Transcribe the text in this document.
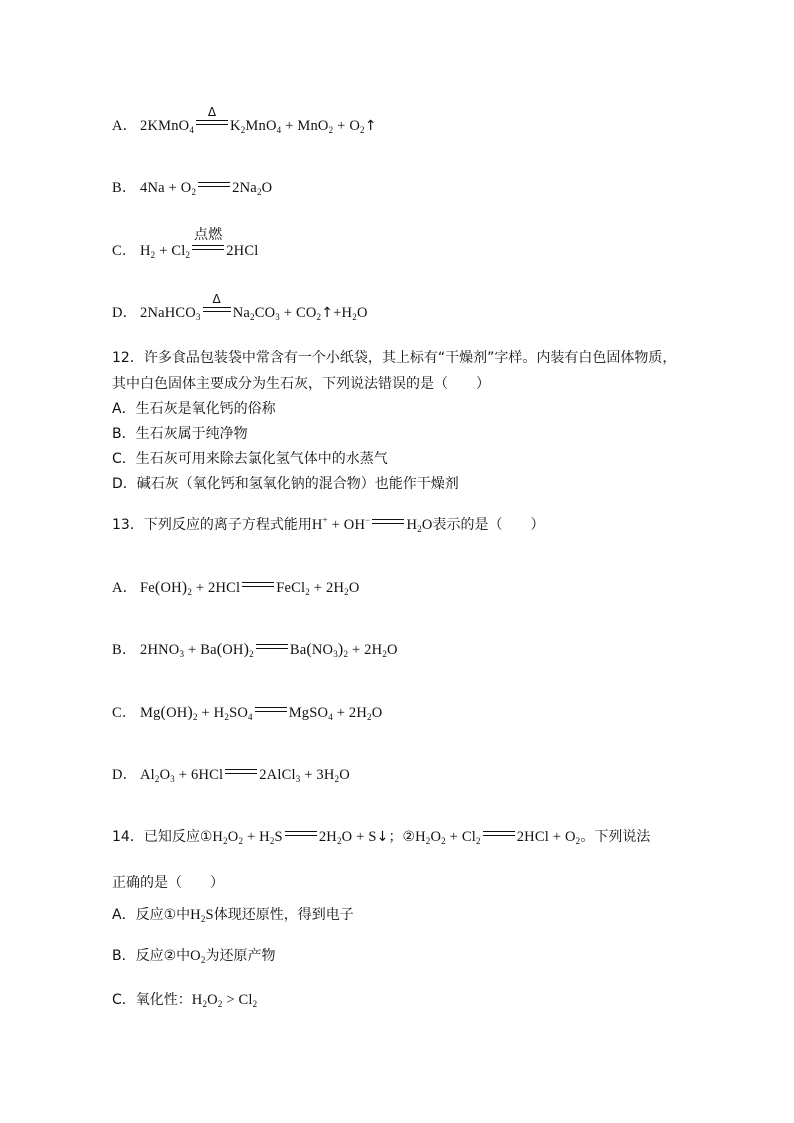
A． 2KMnO$_4$
Δ
$K_2MnO_4 + MnO_2$ + $O_2↑$
B． $4Na + O_2$ $2Na_2O$
C． $H_2 + Cl_2$
点燃
2HCl
D． 2NaHCO$_3$
Δ
$Na_2CO_3$ + $CO_2↑+H_2O$
12．许多食品包装袋中常含有一个小纸袋，其上标有“干燥剂”字样。内装有白色固体物质，
其中白色固体主要成分为生石灰，下列说法错误的是（　　）
A．生石灰是氧化钙的俗称
B．生石灰属于纯净物
C．生石灰可用来除去氯化氢气体中的水蒸气
D．碱石灰（氧化钙和氢氧化钠的混合物）也能作干燥剂
13．下列反应的离子方程式能用H+ + OH− $H_2O$表示的是（　　）
A． $Fe(OH)_2 + 2HCl$ FeCl$_2$ + $2H_2O$
B． $2HNO_3 + Ba(OH)_2$ $Ba(NO_3)_2 + 2H_2O$
C． $Mg(OH)_2 + H_2SO_4$ MgSO$_4$ + $2H_2O$
D． $Al_2O_3 + 6HCl$ 2AlCl$_3$ + $3H_2O$
14．已知反应$①H_2O_2 + H_2S$ $2H_2O$ + S↓；$②H_2O_2 + Cl_2$ $2HCl + O_2$。下列说法
正确的是（　　）
A．反应①中$H_2S$体现还原性，得到电子
B．反应②中$O_2$为还原产物
C．氧化性：$H_2O_2 > Cl_2$
